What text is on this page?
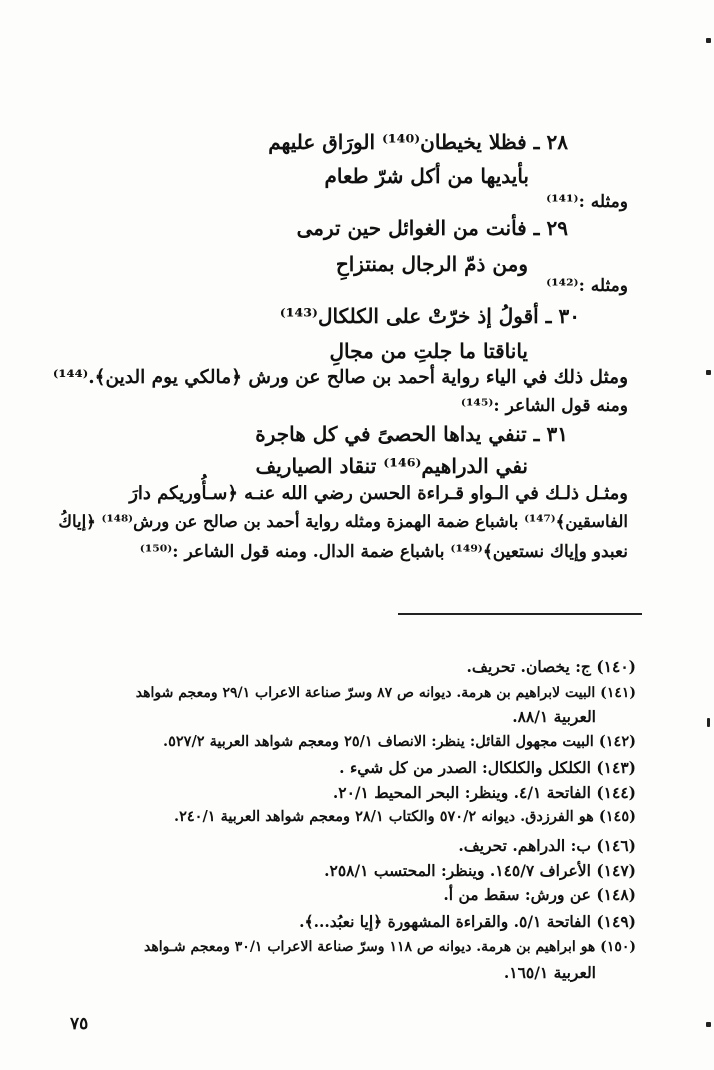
٢٨ ـ فظلا يخيطان⁽¹⁴⁰⁾ الورَاق عليهم
بأيديها من أكل شرّ طعام
ومثله :⁽¹⁴¹⁾
٢٩ ـ فأنت من الغوائل حين ترمى
ومن ذمّ الرجال بمنتزاحِ
ومثله :⁽¹⁴²⁾
٣٠ ـ أقولُ إذ خرّتْ على الكلكال⁽¹⁴³⁾
ياناقتا ما جلتِ من مجالِ
ومثل ذلك في الياء رواية أحمد بن صالح عن ورش ﴿مالكي يوم الدين﴾.⁽¹⁴⁴⁾
ومنه قول الشاعر :⁽¹⁴⁵⁾
٣١ ـ تنفي يداها الحصىً في كل هاجرة
نفي الدراهيم⁽¹⁴⁶⁾ تنقاد الصياريف
ومثـل ذلـك في الـواو قـراءة الحسن رضي الله عنـه ﴿سـأُوريكم دارَ
الفاسقين﴾⁽¹⁴⁷⁾ باشباع ضمة الهمزة ومثله رواية أحمد بن صالح عن ورش⁽¹⁴⁸⁾ ﴿إياكُ
نعبدو وإياك نستعين﴾⁽¹⁴⁹⁾ باشباع ضمة الدال. ومنه قول الشاعر :⁽¹⁵⁰⁾
(١٤٠) ج: يخصان. تحريف.
(١٤١) البيت لابراهيم بن هرمة. ديوانه ص ٨٧ وسرّ صناعة الاعراب ٢٩/١ ومعجم شواهد
العربية ٨٨/١.
(١٤٢) البيت مجهول القائل: ينظر: الانصاف ٢٥/١ ومعجم شواهد العربية ٥٢٧/٢.
(١٤٣) الكلكل والكلكال: الصدر من كل شيء .
(١٤٤) الفاتحة ٤/١. وينظر: البحر المحيط ٢٠/١.
(١٤٥) هو الفرزدق. ديوانه ٥٧٠/٢ والكتاب ٢٨/١ ومعجم شواهد العربية ٢٤٠/١.
(١٤٦) ب: الدراهم. تحريف.
(١٤٧) الأعراف ١٤٥/٧. وينظر: المحتسب ٢٥٨/١.
(١٤٨) عن ورش: سقط من أ.
(١٤٩) الفاتحة ٥/١. والقراءة المشهورة ﴿إيا نعبُد...﴾.
(١٥٠) هو ابراهيم بن هرمة. ديوانه ص ١١٨ وسرّ صناعة الاعراب ٣٠/١ ومعجم شـواهد
العربية ١٦٥/١.
٧٥
